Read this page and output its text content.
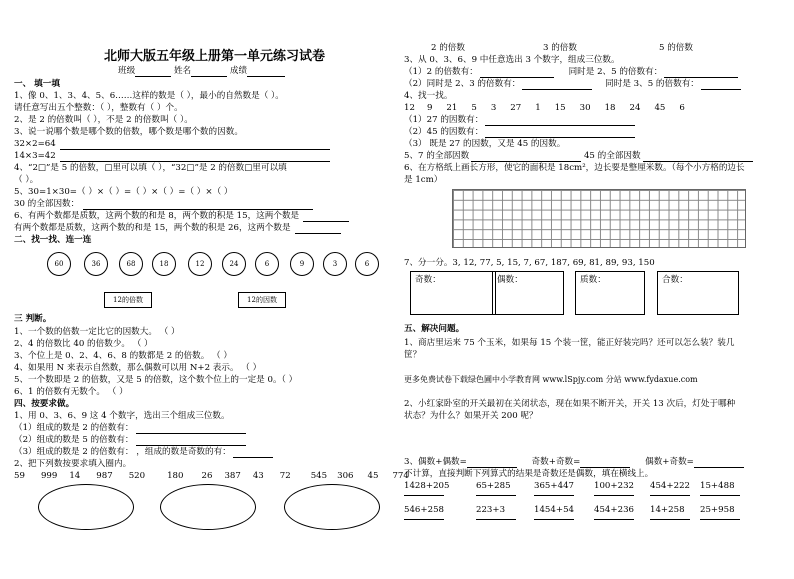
北师大版五年级上册第一单元练习试卷
班级	姓名	成绩
一、 填一填
1、像 0、1、3、4、5、6……这样的数是（ ），最小的自然数是（ ）。
请任意写出五个整数：（ ），整数有（ ）个。
2、是 2 的倍数叫（ ），不是 2 的倍数叫（ ）。
3、说一说哪个数是哪个数的倍数，哪个数是哪个数的因数。
32×2=64
14×3=42
4、“2□”是 5 的倍数，□里可以填（ ），“32□”是 2 的倍数□里可以填
（ ）。
5、30=1×30=（ ）×（ ）=（ ）×（ ）=（ ）×（ ）
30 的全部因数：
6、有两个数都是质数，这两个数的和是 8，两个数的积是 15，这两个数是
有两个数都是质数，这两个数的和是 15，两个数的积是 26，这两个数是
二、找一找、连一连
60	36	68	18	12	24	6	9	3	6
12的倍数	12的因数
三 判断。
1、一个数的倍数一定比它的因数大。 （ ）
2、4 的倍数比 40 的倍数少。 （ ）
3、个位上是 0、2、4、6、8 的数都是 2 的倍数。 （ ）
4、如果用 N 来表示自然数，那么偶数可以用 N+2 表示。 （ ）
5、一个数即是 2 的倍数，又是 5 的倍数，这个数个位上的一定是 0。（ ）
6、1 的倍数有无数个。 （ ）
四、按要求做。
1、用 0、3、6、9 这 4 个数字，选出三个组成三位数。
（1）组成的数是 2 的倍数有：
（2）组成的数是 5 的倍数有：
（3）组成的数是 2 的倍数有： ，组成的数是奇数的有：
2、把下列数按要求填入圈内。
59 999 14 987 520	180 26 387 43 72 545 306 45 774
2 的倍数	3 的倍数	5 的倍数
3、从 0、3、6、9 中任意选出 3 个数字，组成三位数。
（1）2 的倍数有：	同时是 2、5 的倍数有：
（2）同时是 2、3 的倍数有：	同时是 3、5 的倍数有：
4、找一找。
12 9 21 5 3 27 1 15 30 18 24 45 6
（1）27 的因数有：
（2）45 的因数有：
（3） 既是 27 的因数，又是 45 的因数。
5、7 的全部因数	45 的全部因数
6、在方格纸上画长方形，使它的面积是 18cm²，边长要是整厘米数。（每个小方格的边长
是 1cm）
7、分一分。3, 12, 77, 5, 15, 7, 67, 187, 69, 81, 89, 93, 150
奇数：	偶数：	质数：	合数：
五、解决问题。
1、商店里运来 75 个玉米，如果每 15 个装一筐，能正好装完吗？还可以怎么装？装几
筐？
更多免费试卷下载绿色圃中小学教育网 www.lSpjy.com 分站 www.fydaxue.com
2、小红家卧室的开关最初在关闭状态，现在如果不断开关，开关 13 次后，灯处于哪种
状态？为什么？如果开关 200 呢？
3、偶数+偶数=	奇数+奇数=	偶数+奇数=
不计算，直接判断下列算式的结果是奇数还是偶数，填在横线上。
1428+205	65+285	365+447 100+232 454+222 15+488
546+258	223+3	1454+54 454+236 14+258 25+958
